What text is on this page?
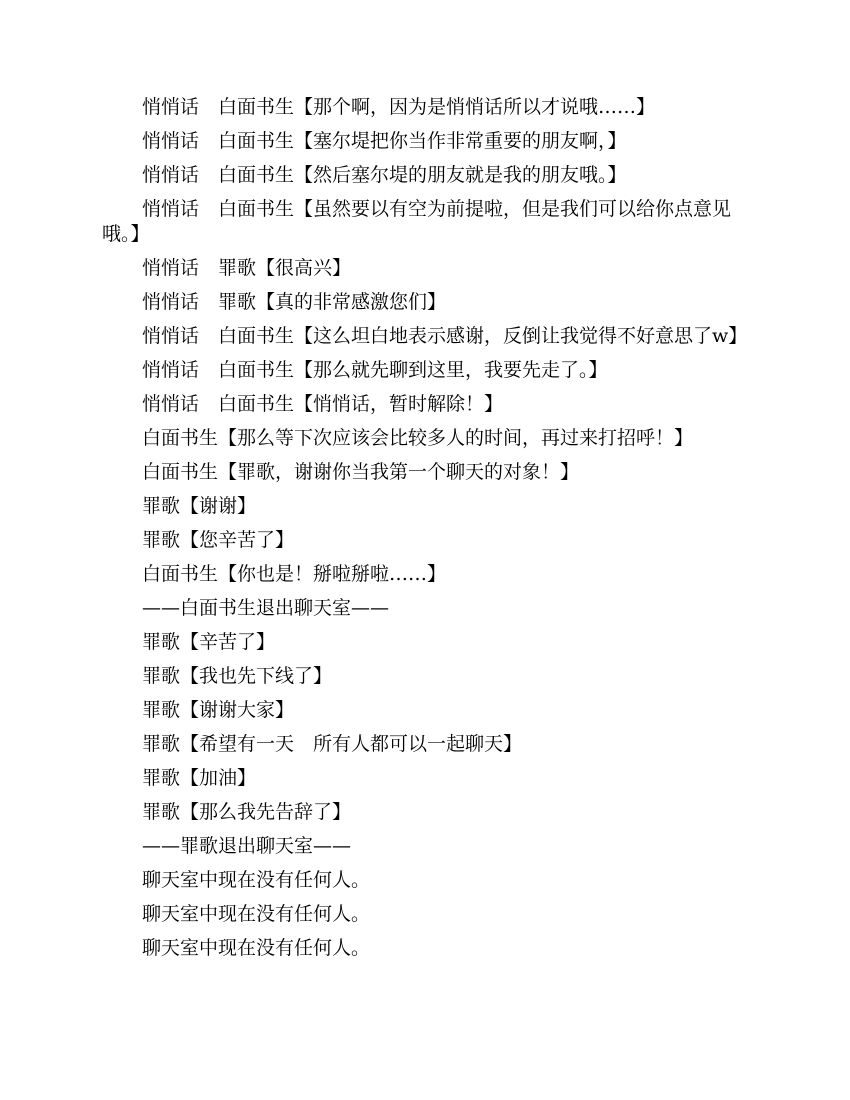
悄悄话　白面书生【那个啊，因为是悄悄话所以才说哦……】

悄悄话　白面书生【塞尔堤把你当作非常重要的朋友啊，】

悄悄话　白面书生【然后塞尔堤的朋友就是我的朋友哦。】

悄悄话　白面书生【虽然要以有空为前提啦，但是我们可以给你点意见哦。】

悄悄话　罪歌【很高兴】

悄悄话　罪歌【真的非常感激您们】

悄悄话　白面书生【这么坦白地表示感谢，反倒让我觉得不好意思了w】

悄悄话　白面书生【那么就先聊到这里，我要先走了。】

悄悄话　白面书生【悄悄话，暂时解除！】

白面书生【那么等下次应该会比较多人的时间，再过来打招呼！】

白面书生【罪歌，谢谢你当我第一个聊天的对象！】

罪歌【谢谢】

罪歌【您辛苦了】

白面书生【你也是！掰啦掰啦……】

——白面书生退出聊天室——

罪歌【辛苦了】

罪歌【我也先下线了】

罪歌【谢谢大家】

罪歌【希望有一天　所有人都可以一起聊天】

罪歌【加油】

罪歌【那么我先告辞了】

——罪歌退出聊天室——

聊天室中现在没有任何人。

聊天室中现在没有任何人。

聊天室中现在没有任何人。
